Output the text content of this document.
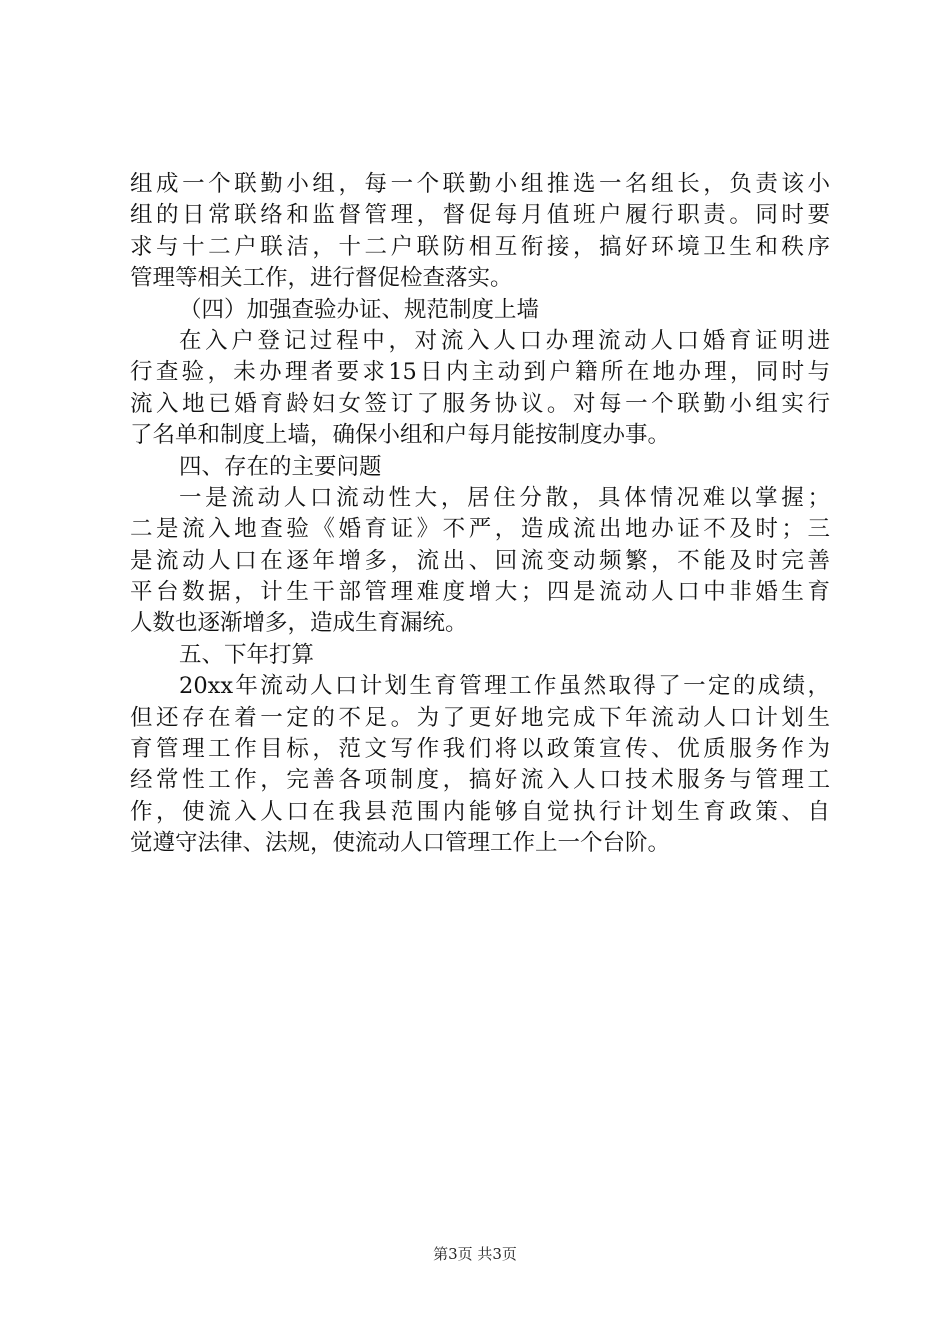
组成一个联勤小组，每一个联勤小组推选一名组长，负责该小
组的日常联络和监督管理，督促每月值班户履行职责。同时要
求与十二户联洁，十二户联防相互衔接，搞好环境卫生和秩序
管理等相关工作，进行督促检查落实。
（四）加强查验办证、规范制度上墙
在入户登记过程中，对流入人口办理流动人口婚育证明进
行查验，未办理者要求15日内主动到户籍所在地办理，同时与
流入地已婚育龄妇女签订了服务协议。对每一个联勤小组实行
了名单和制度上墙，确保小组和户每月能按制度办事。
四、存在的主要问题
一是流动人口流动性大，居住分散，具体情况难以掌握；
二是流入地查验《婚育证》不严，造成流出地办证不及时；三
是流动人口在逐年增多，流出、回流变动频繁，不能及时完善
平台数据，计生干部管理难度增大；四是流动人口中非婚生育
人数也逐渐增多，造成生育漏统。
五、下年打算
20xx年流动人口计划生育管理工作虽然取得了一定的成绩，
但还存在着一定的不足。为了更好地完成下年流动人口计划生
育管理工作目标，范文写作我们将以政策宣传、优质服务作为
经常性工作，完善各项制度，搞好流入人口技术服务与管理工
作，使流入人口在我县范围内能够自觉执行计划生育政策、自
觉遵守法律、法规，使流动人口管理工作上一个台阶。
第3页 共3页
